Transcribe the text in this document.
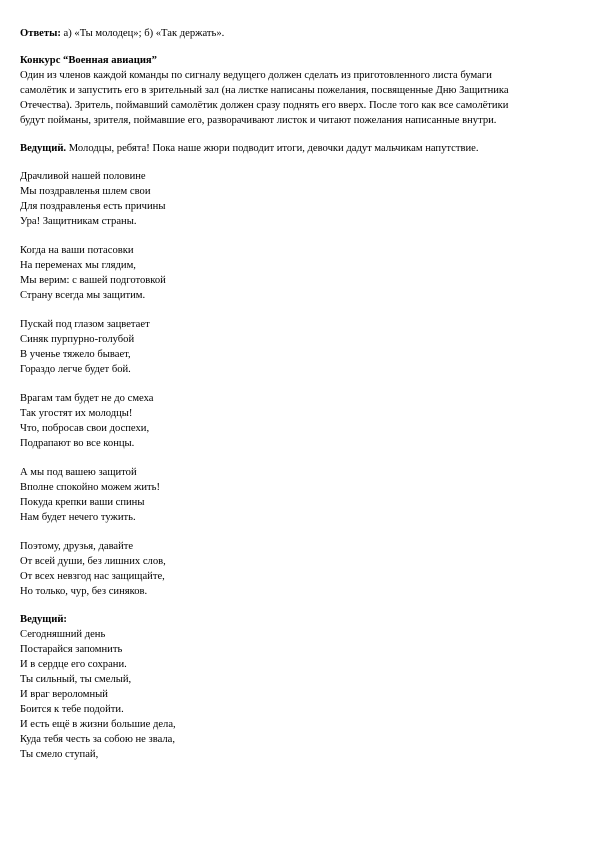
Ответы: а) «Ты молодец»; б) «Так держать».

Конкурс “Военная авиация”

Один из членов каждой команды по сигналу ведущего должен сделать из приготовленного листа бумаги
самолётик и запустить его в зрительный зал (на листке написаны пожелания, посвященные Дню Защитника
Отечества). Зритель, поймавший самолётик должен сразу поднять его вверх. После того как все самолётики
будут пойманы, зрителя, поймавшие его, разворачивают листок и читают пожелания написанные внутри.

Ведущий. Молодцы, ребята! Пока наше жюри подводит итоги, девочки дадут мальчикам напутствие.

Драчливой нашей половине
Мы поздравленья шлем свои
Для поздравленья есть причины
Ура! Защитникам страны.
Когда на ваши потасовки
На переменах мы глядим,
Мы верим: с вашей подготовкой
Страну всегда мы защитим.
Пускай под глазом зацветает
Синяк пурпурно-голубой
В ученье тяжело бывает,
Гораздо легче будет бой.
Врагам там будет не до смеха
Так угостят их молодцы!
Что, побросав свои доспехи,
Подрапают во все концы.
А мы под вашею защитой
Вполне спокойно можем жить!
Покуда крепки ваши спины
Нам будет нечего тужить.
Поэтому, друзья, давайте
От всей души, без лишних слов,
От всех невзгод нас защищайте,
Но только, чур, без синяков.

Ведущий:

Сегодняшний день
Постарайся запомнить
И в сердце его сохрани.
Ты сильный, ты смелый,
И враг вероломный
Боится к тебе подойти.
И есть ещё в жизни большие дела,
Куда тебя честь за собою не звала,
Ты смело ступай,
